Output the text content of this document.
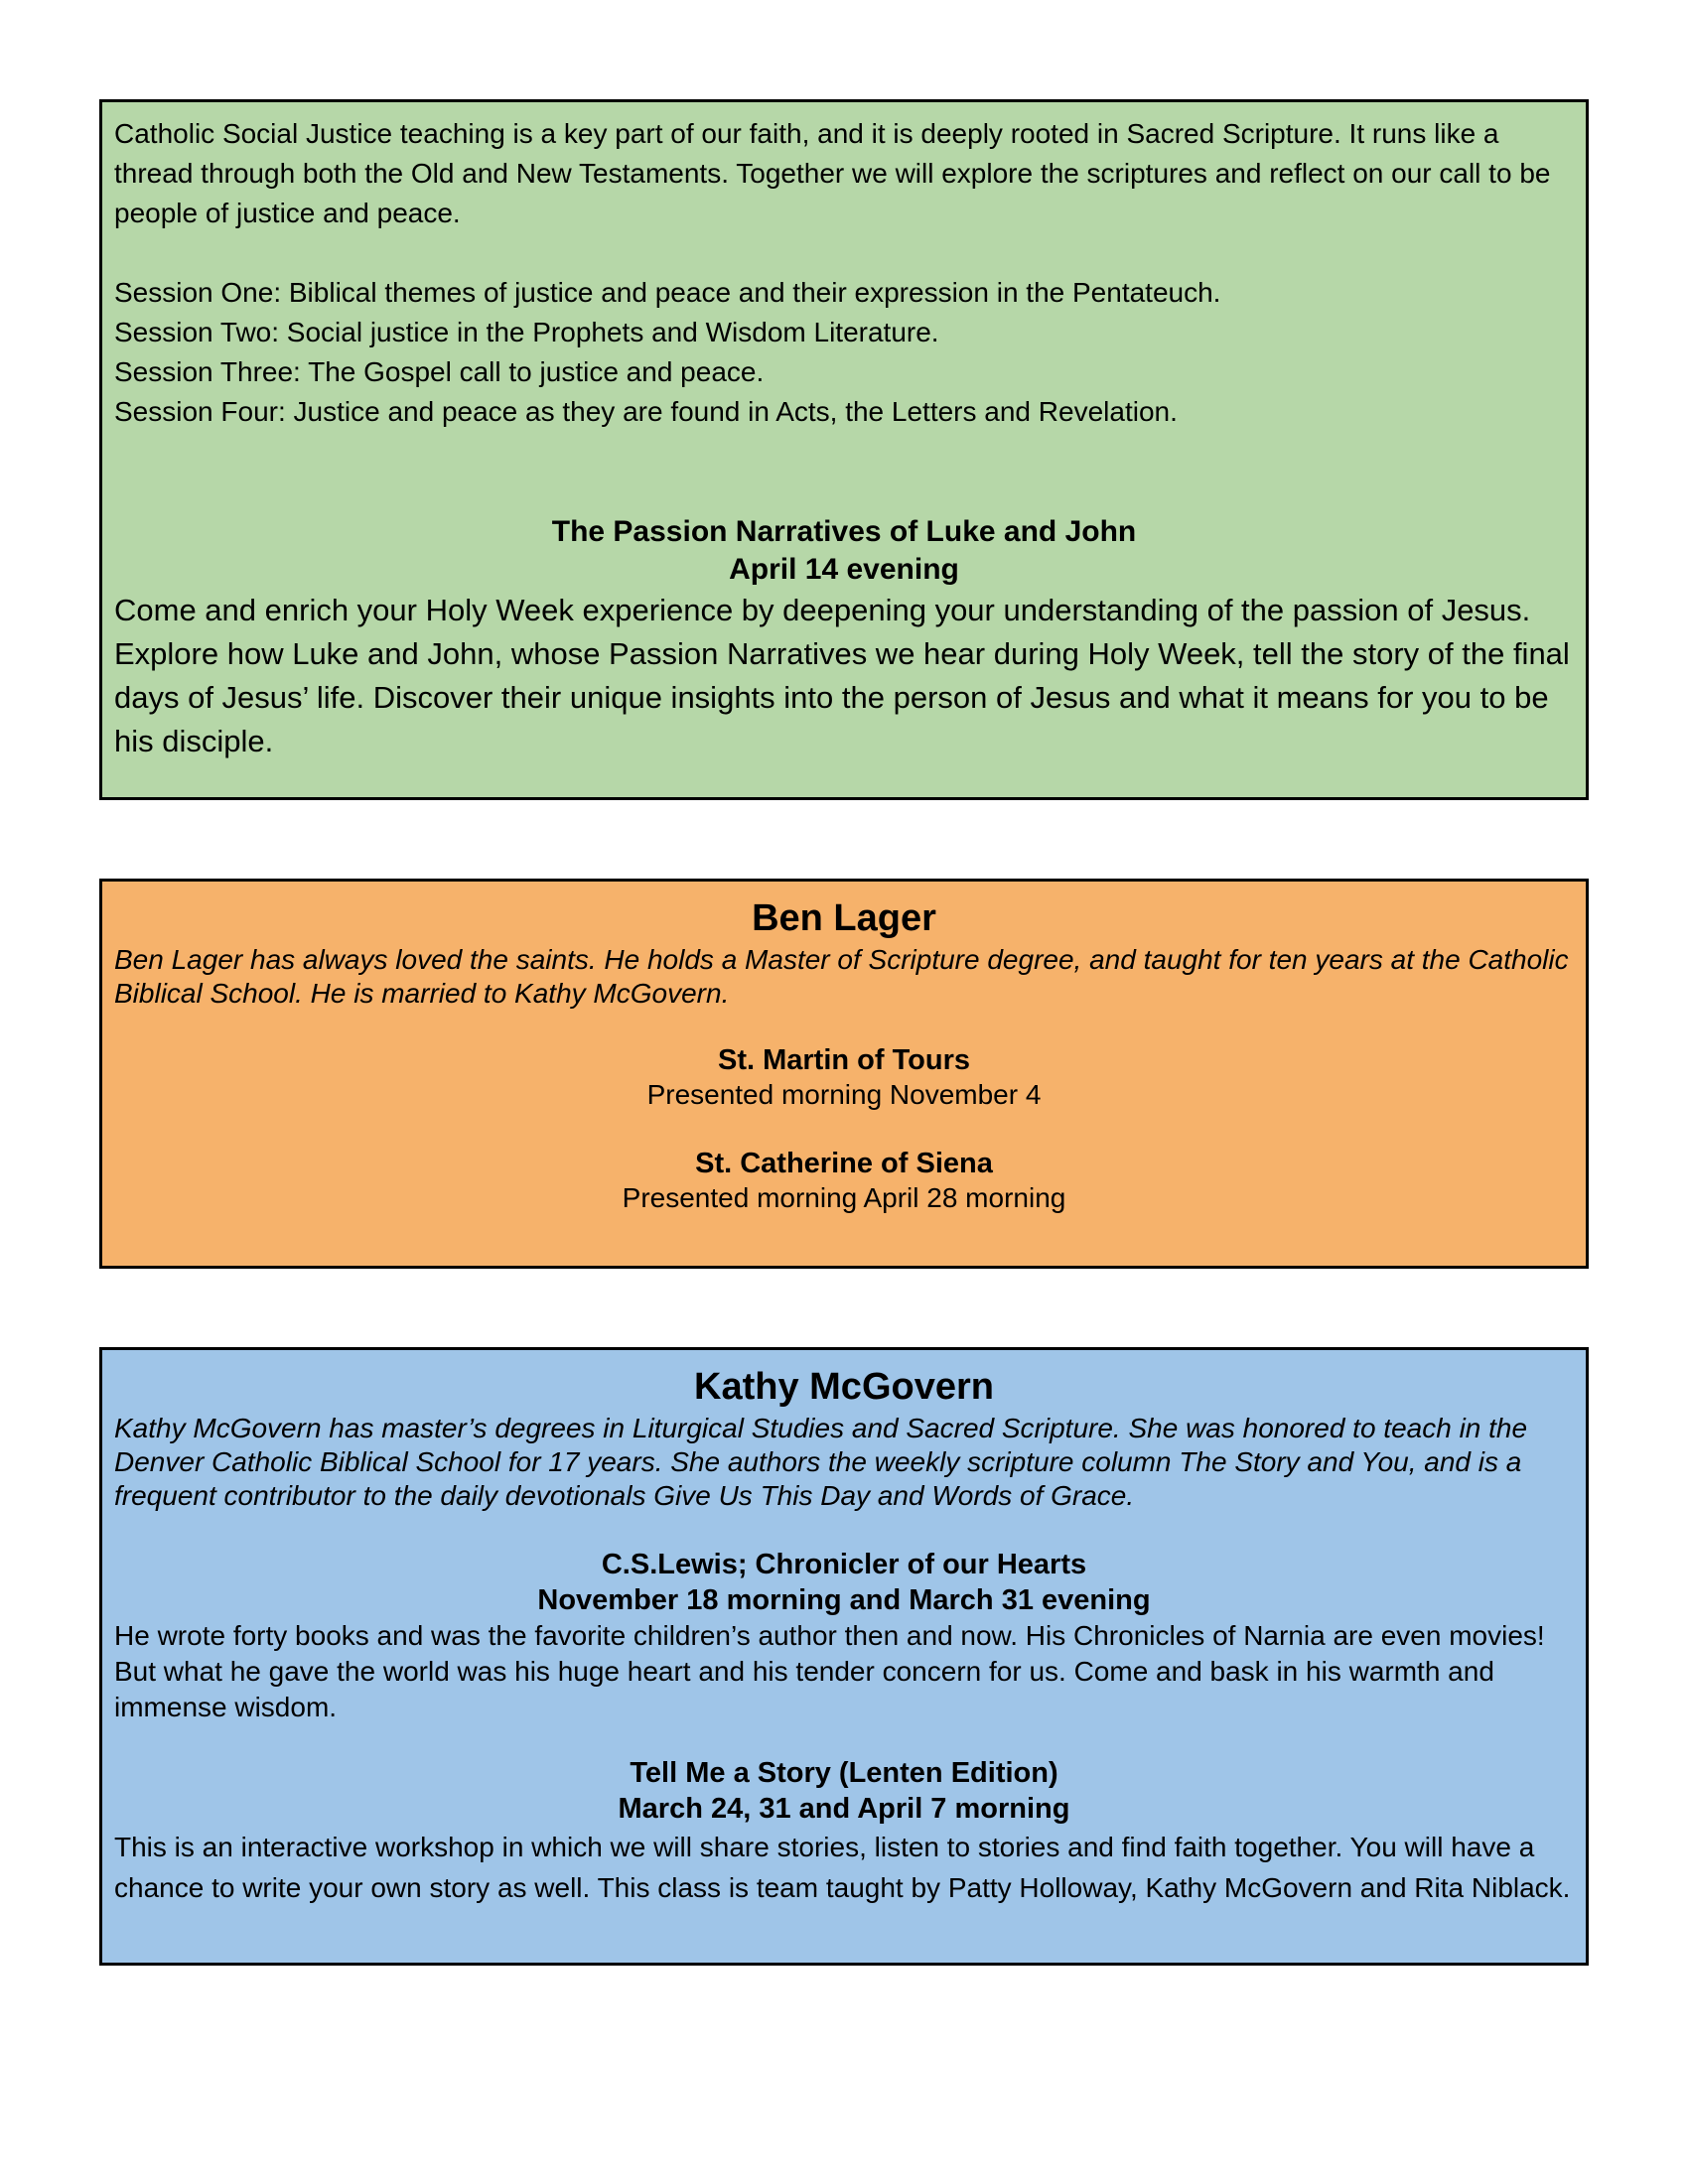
Catholic Social Justice teaching is a key part of our faith, and it is deeply rooted in Sacred Scripture. It runs like a thread through both the Old and New Testaments. Together we will explore the scriptures and reflect on our call to be people of justice and peace.

Session One: Biblical themes of justice and peace and their expression in the Pentateuch.

Session Two: Social justice in the Prophets and Wisdom Literature.

Session Three: The Gospel call to justice and peace.

Session Four: Justice and peace as they are found in Acts, the Letters and Revelation.

The Passion Narratives of Luke and John

April 14 evening

Come and enrich your Holy Week experience by deepening your understanding of the passion of Jesus. Explore how Luke and John, whose Passion Narratives we hear during Holy Week, tell the story of the final days of Jesus’ life. Discover their unique insights into the person of Jesus and what it means for you to be his disciple.

Ben Lager

Ben Lager has always loved the saints. He holds a Master of Scripture degree, and taught for ten years at the Catholic Biblical School. He is married to Kathy McGovern.

St. Martin of Tours

Presented morning November 4

St. Catherine of Siena

Presented morning April 28 morning

Kathy McGovern

Kathy McGovern has master’s degrees in Liturgical Studies and Sacred Scripture. She was honored to teach in the Denver Catholic Biblical School for 17 years. She authors the weekly scripture column The Story and You, and is a frequent contributor to the daily devotionals Give Us This Day and Words of Grace.

C.S.Lewis; Chronicler of our Hearts

November 18 morning and March 31 evening

He wrote forty books and was the favorite children’s author then and now. His Chronicles of Narnia are even movies! But what he gave the world was his huge heart and his tender concern for us. Come and bask in his warmth and immense wisdom.

Tell Me a Story (Lenten Edition)

March 24, 31 and April 7 morning

This is an interactive workshop in which we will share stories, listen to stories and find faith together. You will have a chance to write your own story as well. This class is team taught by Patty Holloway, Kathy McGovern and Rita Niblack.
